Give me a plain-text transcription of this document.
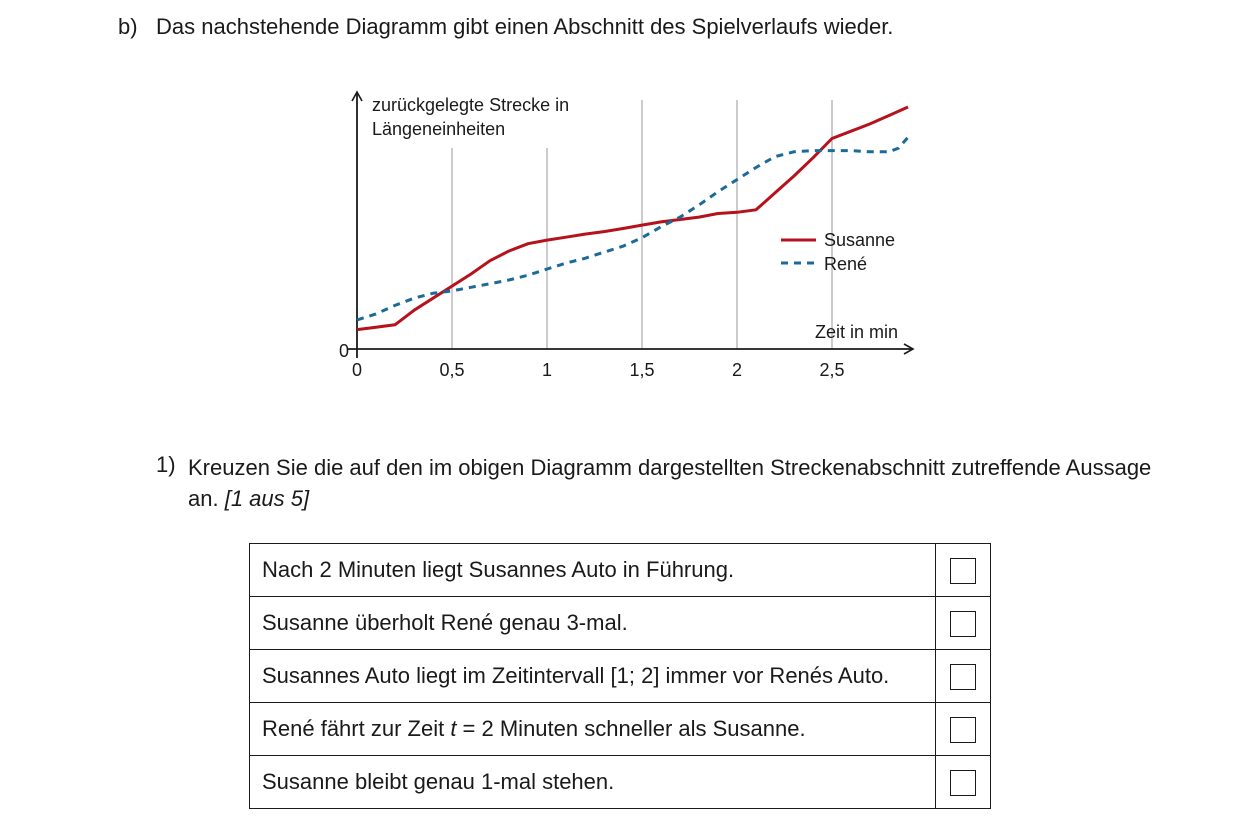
b) Das nachstehende Diagramm gibt einen Abschnitt des Spielverlaufs wieder.
zurückgelegte Strecke in
Längeneinheiten
Zeit in min
0
0	0,5	1	1,5	2	2,5
Susanne
René
1) Kreuzen Sie die auf den im obigen Diagramm dargestellten Streckenabschnitt zutreffende Aussage an. [1 aus 5]
Nach 2 Minuten liegt Susannes Auto in Führung.	
Susanne überholt René genau 3-mal.	
Susannes Auto liegt im Zeitintervall [1; 2] immer vor Renés Auto.	
René fährt zur Zeit t = 2 Minuten schneller als Susanne.	
Susanne bleibt genau 1-mal stehen.	
